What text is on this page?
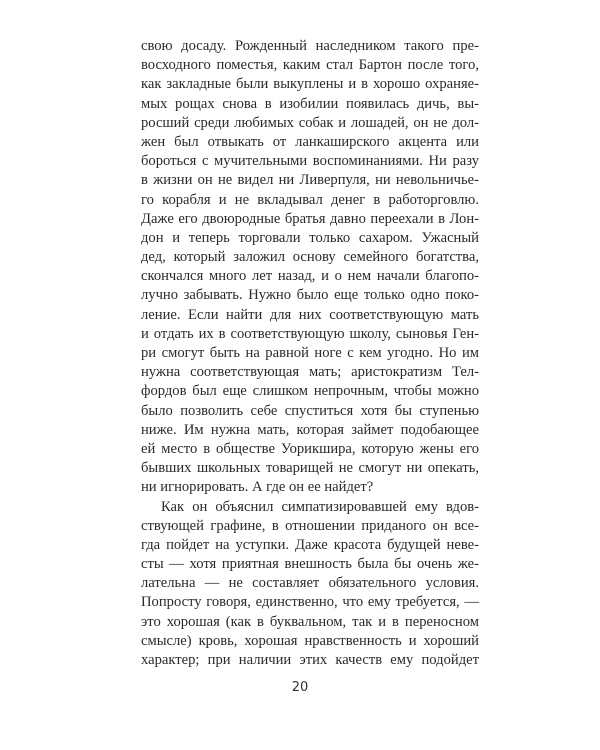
свою досаду. Рожденный наследником такого пре-
восходного поместья, каким стал Бартон после того,
как закладные были выкуплены и в хорошо охраняе-
мых рощах снова в изобилии появилась дичь, вы-
росший среди любимых собак и лошадей, он не дол-
жен был отвыкать от ланкаширского акцента или
бороться с мучительными воспоминаниями. Ни разу
в жизни он не видел ни Ливерпуля, ни невольничье-
го корабля и не вкладывал денег в работорговлю.
Даже его двоюродные братья давно переехали в Лон-
дон и теперь торговали только сахаром. Ужасный
дед, который заложил основу семейного богатства,
скончался много лет назад, и о нем начали благопо-
лучно забывать. Нужно было еще только одно поко-
ление. Если найти для них соответствующую мать
и отдать их в соответствующую школу, сыновья Ген-
ри смогут быть на равной ноге с кем угодно. Но им
нужна соответствующая мать; аристократизм Тел-
фордов был еще слишком непрочным, чтобы можно
было позволить себе спуститься хотя бы ступенью
ниже. Им нужна мать, которая займет подобающее
ей место в обществе Уорикшира, которую жены его
бывших школьных товарищей не смогут ни опекать,
ни игнорировать. А где он ее найдет?
Как он объяснил симпатизировавшей ему вдов-
ствующей графине, в отношении приданого он все-
гда пойдет на уступки. Даже красота будущей неве-
сты — хотя приятная внешность была бы очень же-
лательна — не составляет обязательного условия.
Попросту говоря, единственно, что ему требуется, —
это хорошая (как в буквальном, так и в переносном
смысле) кровь, хорошая нравственность и хороший
характер; при наличии этих качеств ему подойдет
20
